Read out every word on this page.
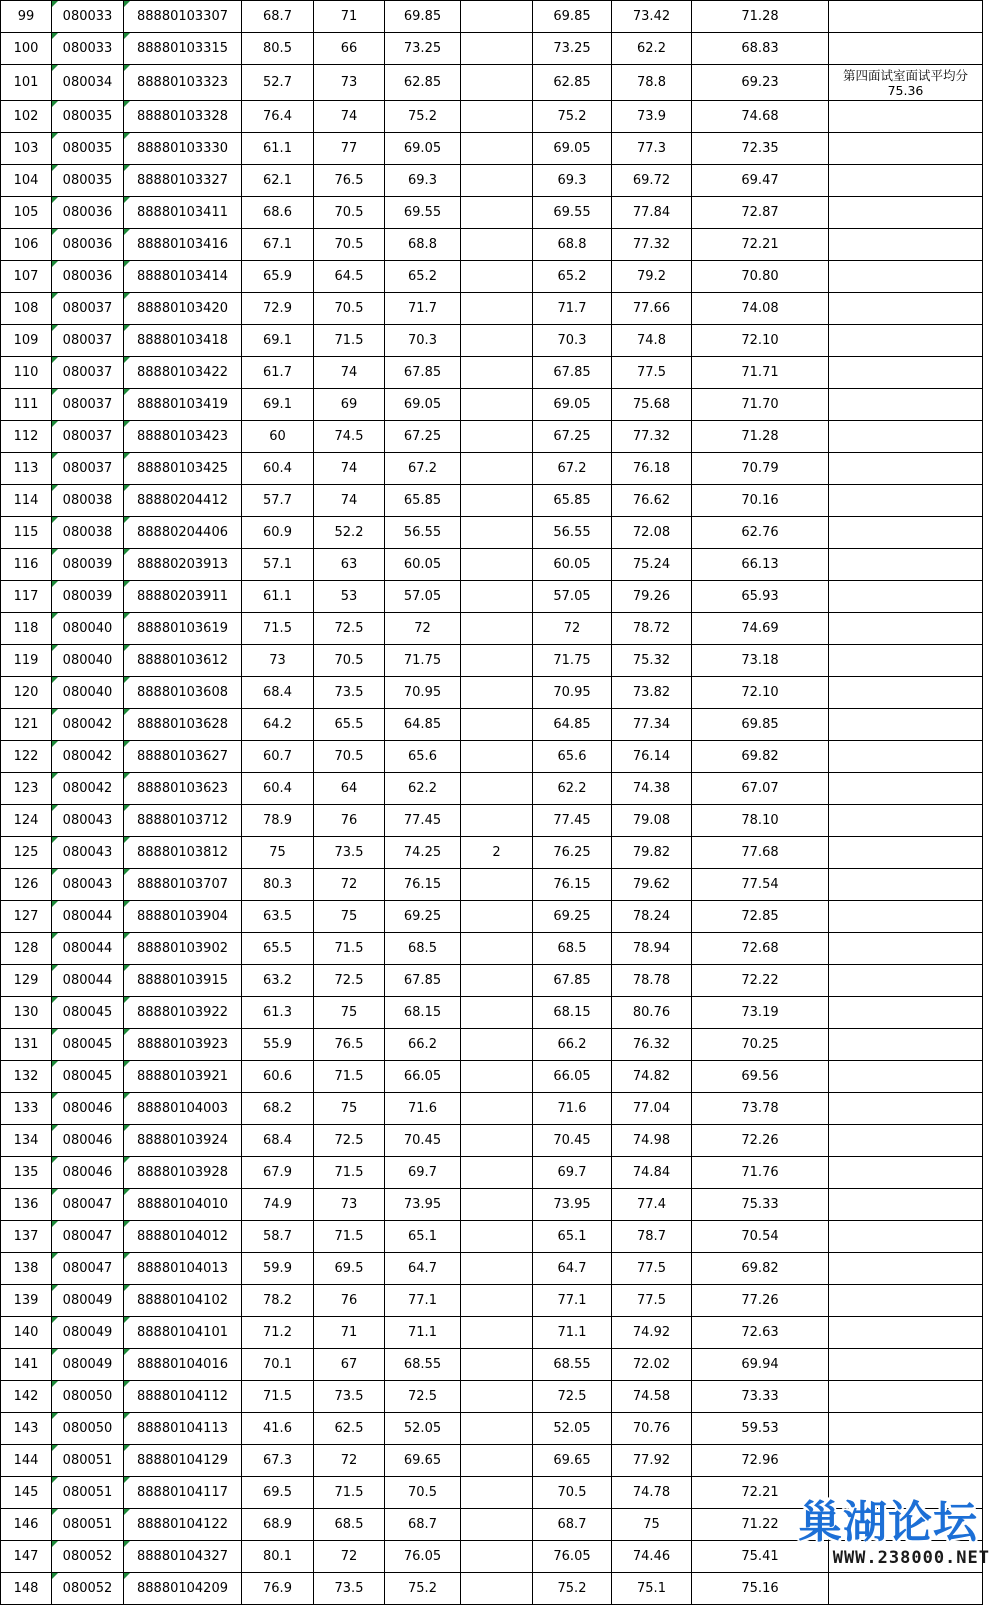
99	080033	88880103307	68.7	71	69.85		69.85	73.42	71.28	
100	080033	88880103315	80.5	66	73.25		73.25	62.2	68.83	
101	080034	88880103323	52.7	73	62.85		62.85	78.8	69.23	第四面试室面试平均分 75.36
102	080035	88880103328	76.4	74	75.2		75.2	73.9	74.68	
103	080035	88880103330	61.1	77	69.05		69.05	77.3	72.35	
104	080035	88880103327	62.1	76.5	69.3		69.3	69.72	69.47	
105	080036	88880103411	68.6	70.5	69.55		69.55	77.84	72.87	
106	080036	88880103416	67.1	70.5	68.8		68.8	77.32	72.21	
107	080036	88880103414	65.9	64.5	65.2		65.2	79.2	70.80	
108	080037	88880103420	72.9	70.5	71.7		71.7	77.66	74.08	
109	080037	88880103418	69.1	71.5	70.3		70.3	74.8	72.10	
110	080037	88880103422	61.7	74	67.85		67.85	77.5	71.71	
111	080037	88880103419	69.1	69	69.05		69.05	75.68	71.70	
112	080037	88880103423	60	74.5	67.25		67.25	77.32	71.28	
113	080037	88880103425	60.4	74	67.2		67.2	76.18	70.79	
114	080038	88880204412	57.7	74	65.85		65.85	76.62	70.16	
115	080038	88880204406	60.9	52.2	56.55		56.55	72.08	62.76	
116	080039	88880203913	57.1	63	60.05		60.05	75.24	66.13	
117	080039	88880203911	61.1	53	57.05		57.05	79.26	65.93	
118	080040	88880103619	71.5	72.5	72		72	78.72	74.69	
119	080040	88880103612	73	70.5	71.75		71.75	75.32	73.18	
120	080040	88880103608	68.4	73.5	70.95		70.95	73.82	72.10	
121	080042	88880103628	64.2	65.5	64.85		64.85	77.34	69.85	
122	080042	88880103627	60.7	70.5	65.6		65.6	76.14	69.82	
123	080042	88880103623	60.4	64	62.2		62.2	74.38	67.07	
124	080043	88880103712	78.9	76	77.45		77.45	79.08	78.10	
125	080043	88880103812	75	73.5	74.25	2	76.25	79.82	77.68	
126	080043	88880103707	80.3	72	76.15		76.15	79.62	77.54	
127	080044	88880103904	63.5	75	69.25		69.25	78.24	72.85	
128	080044	88880103902	65.5	71.5	68.5		68.5	78.94	72.68	
129	080044	88880103915	63.2	72.5	67.85		67.85	78.78	72.22	
130	080045	88880103922	61.3	75	68.15		68.15	80.76	73.19	
131	080045	88880103923	55.9	76.5	66.2		66.2	76.32	70.25	
132	080045	88880103921	60.6	71.5	66.05		66.05	74.82	69.56	
133	080046	88880104003	68.2	75	71.6		71.6	77.04	73.78	
134	080046	88880103924	68.4	72.5	70.45		70.45	74.98	72.26	
135	080046	88880103928	67.9	71.5	69.7		69.7	74.84	71.76	
136	080047	88880104010	74.9	73	73.95		73.95	77.4	75.33	
137	080047	88880104012	58.7	71.5	65.1		65.1	78.7	70.54	
138	080047	88880104013	59.9	69.5	64.7		64.7	77.5	69.82	
139	080049	88880104102	78.2	76	77.1		77.1	77.5	77.26	
140	080049	88880104101	71.2	71	71.1		71.1	74.92	72.63	
141	080049	88880104016	70.1	67	68.55		68.55	72.02	69.94	
142	080050	88880104112	71.5	73.5	72.5		72.5	74.58	73.33	
143	080050	88880104113	41.6	62.5	52.05		52.05	70.76	59.53	
144	080051	88880104129	67.3	72	69.65		69.65	77.92	72.96	
145	080051	88880104117	69.5	71.5	70.5		70.5	74.78	72.21	
146	080051	88880104122	68.9	68.5	68.7		68.7	75	71.22	
147	080052	88880104327	80.1	72	76.05		76.05	74.46	75.41	
148	080052	88880104209	76.9	73.5	75.2		75.2	75.1	75.16	
巢湖论坛
WWW.238000.NET
